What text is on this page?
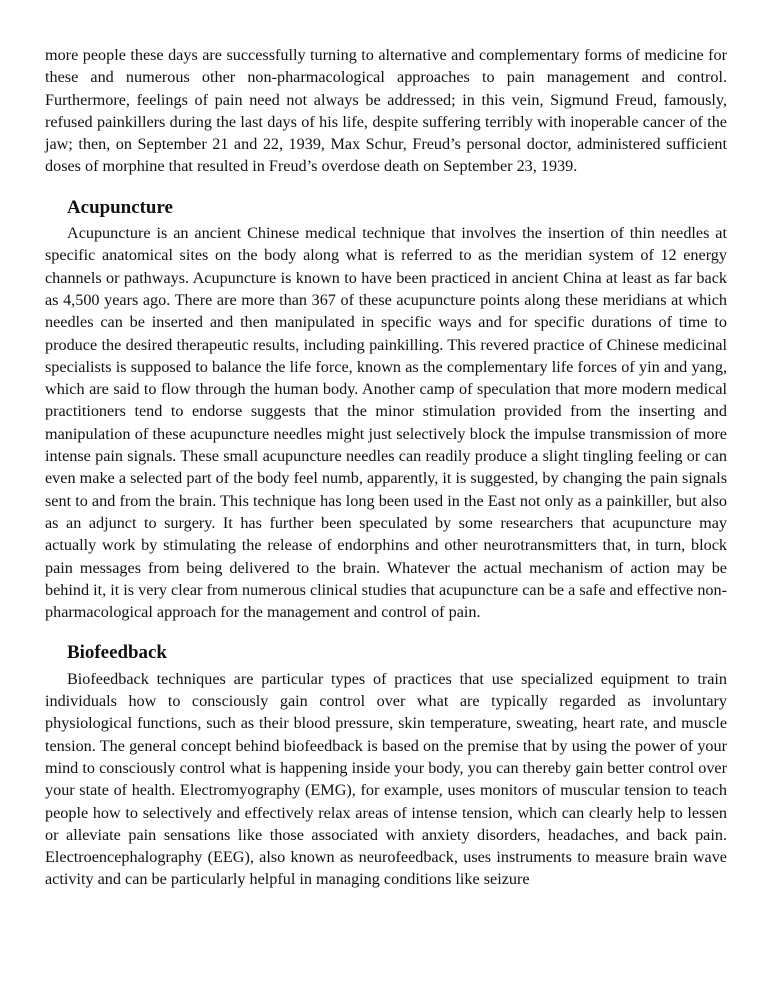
more people these days are successfully turning to alternative and complementary forms of medicine for these and numerous other non-pharmacological approaches to pain management and control. Furthermore, feelings of pain need not always be addressed; in this vein, Sigmund Freud, famously, refused painkillers during the last days of his life, despite suffering terribly with inoperable cancer of the jaw; then, on September 21 and 22, 1939, Max Schur, Freud’s personal doctor, administered sufficient doses of morphine that resulted in Freud’s overdose death on September 23, 1939.

Acupuncture

Acupuncture is an ancient Chinese medical technique that involves the insertion of thin needles at specific anatomical sites on the body along what is referred to as the meridian system of 12 energy channels or pathways. Acupuncture is known to have been practiced in ancient China at least as far back as 4,500 years ago. There are more than 367 of these acupuncture points along these meridians at which needles can be inserted and then manipulated in specific ways and for specific durations of time to produce the desired therapeutic results, including painkilling. This revered practice of Chinese medicinal specialists is supposed to balance the life force, known as the complementary life forces of yin and yang, which are said to flow through the human body. Another camp of speculation that more modern medical practitioners tend to endorse suggests that the minor stimulation provided from the inserting and manipulation of these acupuncture needles might just selectively block the impulse transmission of more intense pain signals. These small acupuncture needles can readily produce a slight tingling feeling or can even make a selected part of the body feel numb, apparently, it is suggested, by changing the pain signals sent to and from the brain. This technique has long been used in the East not only as a painkiller, but also as an adjunct to surgery. It has further been speculated by some researchers that acupuncture may actually work by stimulating the release of endorphins and other neurotransmitters that, in turn, block pain messages from being delivered to the brain. Whatever the actual mechanism of action may be behind it, it is very clear from numerous clinical studies that acupuncture can be a safe and effective non-pharmacological approach for the management and control of pain.

Biofeedback

Biofeedback techniques are particular types of practices that use specialized equipment to train individuals how to consciously gain control over what are typically regarded as involuntary physiological functions, such as their blood pressure, skin temperature, sweating, heart rate, and muscle tension. The general concept behind biofeedback is based on the premise that by using the power of your mind to consciously control what is happening inside your body, you can thereby gain better control over your state of health. Electromyography (EMG), for example, uses monitors of muscular tension to teach people how to selectively and effectively relax areas of intense tension, which can clearly help to lessen or alleviate pain sensations like those associated with anxiety disorders, headaches, and back pain. Electroencephalography (EEG), also known as neurofeedback, uses instruments to measure brain wave activity and can be particularly helpful in managing conditions like seizure
